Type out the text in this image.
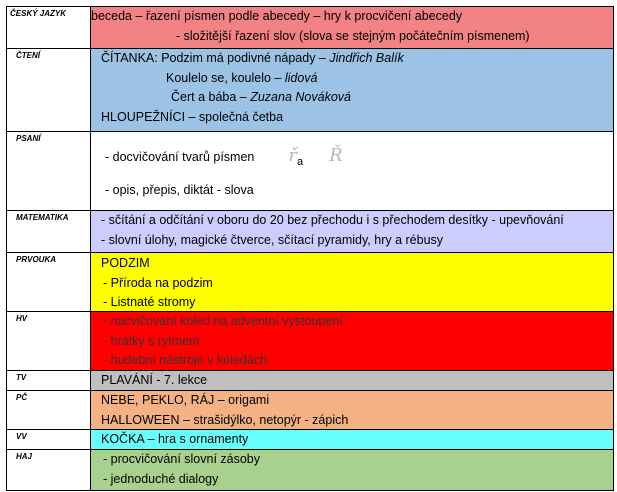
ČESKÝ JAZYK	beceda – řazení písmen podle abecedy – hry k procvičení abecedy
- složitější řazení slov (slova se stejným počátečním písmenem)
ČTENÍ	ČÍTANKA: Podzim má podivné nápady – Jindřich Balík
Koulelo se, koulelo – lidová
Čert a bába – Zuzana Nováková
HLOUPEŽNÍCI – společná četba
PSANÍ
- docvičování tvarů písmen řa Ř
- opis, přepis, diktát - slova
MATEMATIKA	- sčítání a odčítání v oboru do 20 bez přechodu i s přechodem desítky - upevňování
- slovní úlohy, magické čtverce, sčítací pyramidy, hry a rébusy
PRVOUKA	PODZIM
- Příroda na podzim
- Listnaté stromy
HV	- nacvičování koled na adventní vystoupení
- hrátky s rytmem
- hudební nástroje v koledách
TV	PLAVÁNÍ - 7. lekce
PČ	NEBE, PEKLO, RÁJ – origami
HALLOWEEN – strašidýlko, netopýr - zápich
VV	KOČKA – hra s ornamenty
HAJ	- procvičování slovní zásoby
- jednoduché dialogy
